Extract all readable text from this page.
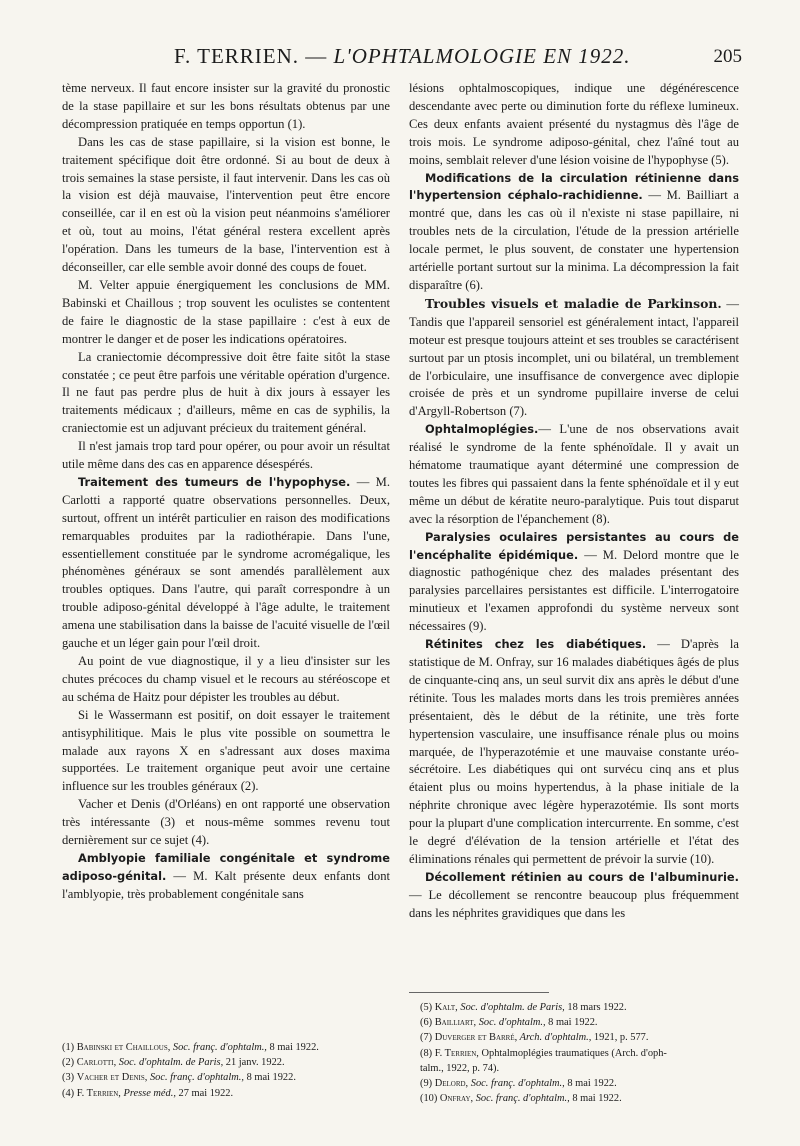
F. TERRIEN. — L'OPHTALMOLOGIE EN 1922.	205

tème nerveux. Il faut encore insister sur la gravité du pronostic de la stase papillaire et sur les bons résultats obtenus par une décompression pratiquée en temps opportun (1).

Dans les cas de stase papillaire, si la vision est bonne, le traitement spécifique doit être ordonné. Si au bout de deux à trois semaines la stase persiste, il faut intervenir. Dans les cas où la vision est déjà mauvaise, l'intervention peut être encore conseillée, car il en est où la vision peut néanmoins s'améliorer et où, tout au moins, l'état général restera excellent après l'opération. Dans les tumeurs de la base, l'intervention est à déconseiller, car elle semble avoir donné des coups de fouet.

M. Velter appuie énergiquement les conclusions de MM. Babinski et Chaillous ; trop souvent les oculistes se contentent de faire le diagnostic de la stase papillaire : c'est à eux de montrer le danger et de poser les indications opératoires.

La craniectomie décompressive doit être faite sitôt la stase constatée ; ce peut être parfois une véritable opération d'urgence. Il ne faut pas perdre plus de huit à dix jours à essayer les traitements médicaux ; d'ailleurs, même en cas de syphilis, la craniectomie est un adjuvant précieux du traitement général.

Il n'est jamais trop tard pour opérer, ou pour avoir un résultat utile même dans des cas en apparence désespérés.

Traitement des tumeurs de l'hypophyse. — M. Carlotti a rapporté quatre observations personnelles. Deux, surtout, offrent un intérêt particulier en raison des modifications remarquables produites par la radiothérapie. Dans l'une, essentiellement constituée par le syndrome acromégalique, les phénomènes généraux se sont amendés parallèlement aux troubles optiques. Dans l'autre, qui paraît correspondre à un trouble adiposo-génital développé à l'âge adulte, le traitement amena une stabilisation dans la baisse de l'acuité visuelle de l'œil gauche et un léger gain pour l'œil droit.

Au point de vue diagnostique, il y a lieu d'insister sur les chutes précoces du champ visuel et le recours au stéréoscope et au schéma de Haitz pour dépister les troubles au début.

Si le Wassermann est positif, on doit essayer le traitement antisyphilitique. Mais le plus vite possible on soumettra le malade aux rayons X en s'adressant aux doses maxima supportées. Le traitement organique peut avoir une certaine influence sur les troubles généraux (2).

Vacher et Denis (d'Orléans) en ont rapporté une observation très intéressante (3) et nous-même sommes revenu tout dernièrement sur ce sujet (4).

Amblyopie familiale congénitale et syndrome adiposo-génital. — M. Kalt présente deux enfants dont l'amblyopie, très probablement congénitale sans

lésions ophtalmoscopiques, indique une dégénérescence descendante avec perte ou diminution forte du réflexe lumineux. Ces deux enfants avaient présenté du nystagmus dès l'âge de trois mois. Le syndrome adiposo-génital, chez l'aîné tout au moins, semblait relever d'une lésion voisine de l'hypophyse (5).

Modifications de la circulation rétinienne dans l'hypertension céphalo-rachidienne. — M. Bailliart a montré que, dans les cas où il n'existe ni stase papillaire, ni troubles nets de la circulation, l'étude de la pression artérielle locale permet, le plus souvent, de constater une hypertension artérielle portant surtout sur la minima. La décompression la fait disparaître (6).

Troubles visuels et maladie de Parkinson. — Tandis que l'appareil sensoriel est généralement intact, l'appareil moteur est presque toujours atteint et ses troubles se caractérisent surtout par un ptosis incomplet, uni ou bilatéral, un tremblement de l'orbiculaire, une insuffisance de convergence avec diplopie croisée de près et un syndrome pupillaire inverse de celui d'Argyll-Robertson (7).

Ophtalmoplégies.— L'une de nos observations avait réalisé le syndrome de la fente sphénoïdale. Il y avait un hématome traumatique ayant déterminé une compression de toutes les fibres qui passaient dans la fente sphénoïdale et il y eut même un début de kératite neuro-paralytique. Puis tout disparut avec la résorption de l'épanchement (8).

Paralysies oculaires persistantes au cours de l'encéphalite épidémique. — M. Delord montre que le diagnostic pathogénique chez des malades présentant des paralysies parcellaires persistantes est difficile. L'interrogatoire minutieux et l'examen approfondi du système nerveux sont nécessaires (9).

Rétinites chez les diabétiques. — D'après la statistique de M. Onfray, sur 16 malades diabétiques âgés de plus de cinquante-cinq ans, un seul survit dix ans après le début d'une rétinite. Tous les malades morts dans les trois premières années présentaient, dès le début de la rétinite, une très forte hypertension vasculaire, une insuffisance rénale plus ou moins marquée, de l'hyperazotémie et une mauvaise constante uréo-sécrétoire. Les diabétiques qui ont survécu cinq ans et plus étaient plus ou moins hypertendus, à la phase initiale de la néphrite chronique avec légère hyperazotémie. Ils sont morts pour la plupart d'une complication intercurrente. En somme, c'est le degré d'élévation de la tension artérielle et l'état des éliminations rénales qui permettent de prévoir la survie (10).

Décollement rétinien au cours de l'albuminurie. — Le décollement se rencontre beaucoup plus fréquemment dans les néphrites gravidiques que dans les

(1) Babinski et Chaillous, Soc. franç. d'ophtalm., 8 mai 1922.
(2) Carlotti, Soc. d'ophtalm. de Paris, 21 janv. 1922.
(3) Vacher et Denis, Soc. franç. d'ophtalm., 8 mai 1922.
(4) F. Terrien, Presse méd., 27 mai 1922.
(5) Kalt, Soc. d'ophtalm. de Paris, 18 mars 1922.
(6) Bailliart, Soc. d'ophtalm., 8 mai 1922.
(7) Duverger et Barré, Arch. d'ophtalm., 1921, p. 577.
(8) F. Terrien, Ophtalmoplégies traumatiques (Arch. d'oph-
talm., 1922, p. 74).
(9) Delord, Soc. franç. d'ophtalm., 8 mai 1922.
(10) Onfray, Soc. franç. d'ophtalm., 8 mai 1922.
